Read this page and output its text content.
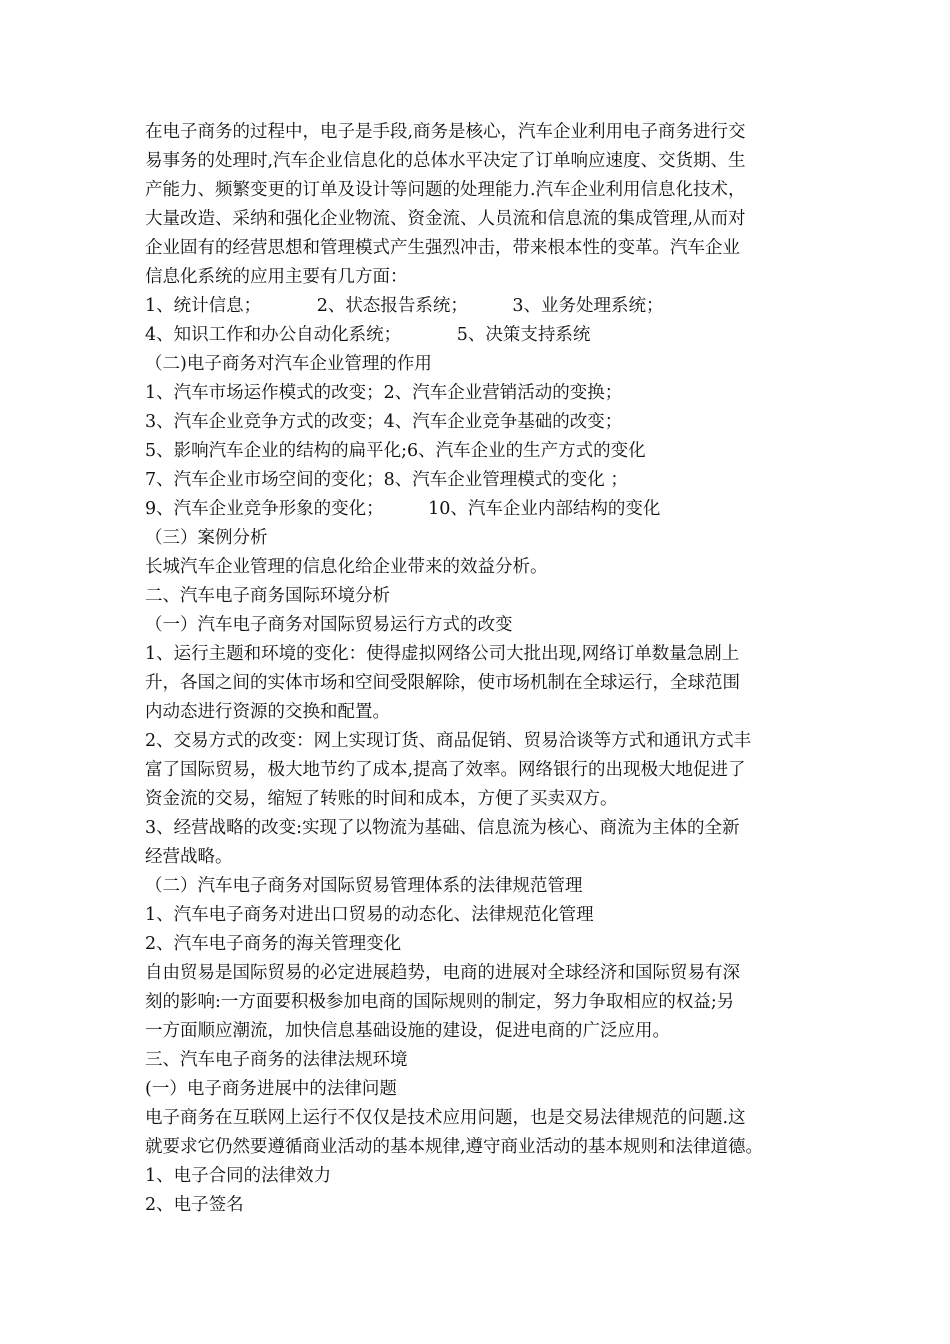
在电子商务的过程中，电子是手段,商务是核心，汽车企业利用电子商务进行交
易事务的处理时,汽车企业信息化的总体水平决定了订单响应速度、交货期、生
产能力、频繁变更的订单及设计等问题的处理能力.汽车企业利用信息化技术，
大量改造、采纳和强化企业物流、资金流、人员流和信息流的集成管理,从而对
企业固有的经营思想和管理模式产生强烈冲击，带来根本性的变革。汽车企业
信息化系统的应用主要有几方面：
1、统计信息；          2、状态报告系统；        3、业务处理系统；
4、知识工作和办公自动化系统；          5、决策支持系统
（二)电子商务对汽车企业管理的作用
1、汽车市场运作模式的改变；2、汽车企业营销活动的变换；
3、汽车企业竞争方式的改变；4、汽车企业竞争基础的改变；
5、影响汽车企业的结构的扁平化;6、汽车企业的生产方式的变化
7、汽车企业市场空间的变化；8、汽车企业管理模式的变化 ；
9、汽车企业竞争形象的变化；        10、汽车企业内部结构的变化
（三）案例分析
长城汽车企业管理的信息化给企业带来的效益分析。
二、汽车电子商务国际环境分析
（一）汽车电子商务对国际贸易运行方式的改变
1、运行主题和环境的变化：使得虚拟网络公司大批出现,网络订单数量急剧上
升，各国之间的实体市场和空间受限解除，使市场机制在全球运行，全球范围
内动态进行资源的交换和配置。
2、交易方式的改变：网上实现订货、商品促销、贸易洽谈等方式和通讯方式丰
富了国际贸易，极大地节约了成本,提高了效率。网络银行的出现极大地促进了
资金流的交易，缩短了转账的时间和成本，方便了买卖双方。
3、经营战略的改变:实现了以物流为基础、信息流为核心、商流为主体的全新
经营战略。
（二）汽车电子商务对国际贸易管理体系的法律规范管理
1、汽车电子商务对进出口贸易的动态化、法律规范化管理
2、汽车电子商务的海关管理变化
自由贸易是国际贸易的必定进展趋势，电商的进展对全球经济和国际贸易有深
刻的影响:一方面要积极参加电商的国际规则的制定，努力争取相应的权益;另
一方面顺应潮流，加快信息基础设施的建设，促进电商的广泛应用。
三、汽车电子商务的法律法规环境
(一）电子商务进展中的法律问题
电子商务在互联网上运行不仅仅是技术应用问题，也是交易法律规范的问题.这
就要求它仍然要遵循商业活动的基本规律,遵守商业活动的基本规则和法律道德。
1、电子合同的法律效力
2、电子签名
